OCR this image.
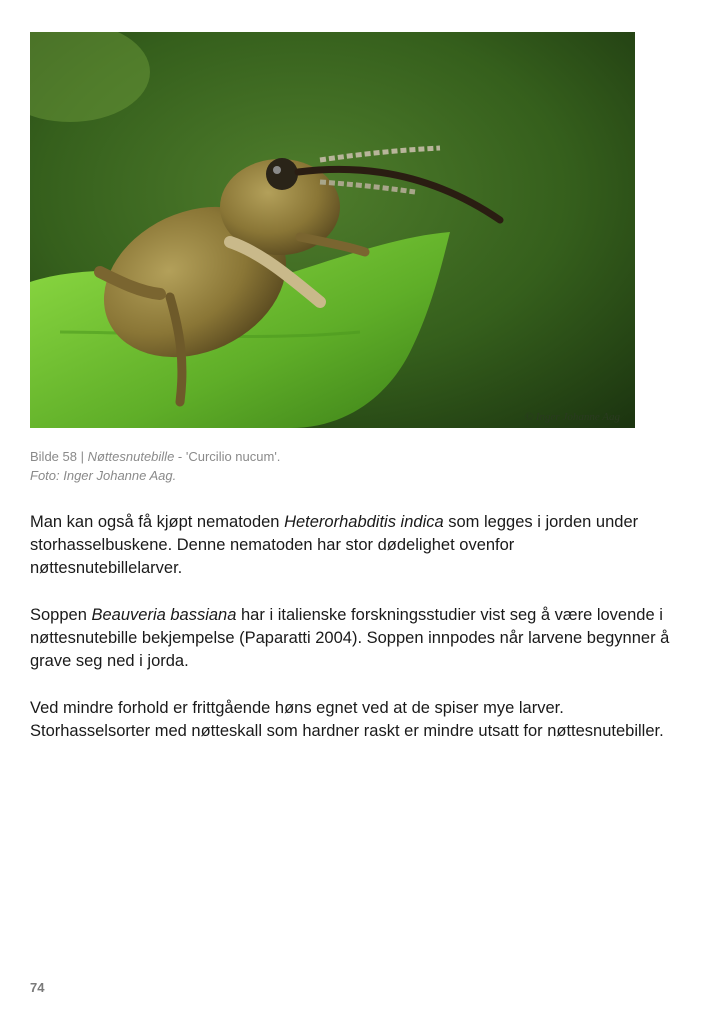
© Inger Johanne Aag
Bilde 58 | Nøttesnutebille - 'Curcilio nucum'.
Foto: Inger Johanne Aag.

Man kan også få kjøpt nematoden Heterorhabditis indica som legges i jorden under storhasselbuskene. Denne nematoden har stor dødelighet ovenfor nøttesnutebillelarver.

Soppen Beauveria bassiana har i italienske forskningsstudier vist seg å være lovende i nøttesnutebille bekjempelse (Paparatti 2004). Soppen innpodes når larvene begynner å grave seg ned i jorda.

Ved mindre forhold er frittgående høns egnet ved at de spiser mye larver. Storhasselsorter med nøtteskall som hardner raskt er mindre utsatt for nøttesnutebiller.

74
